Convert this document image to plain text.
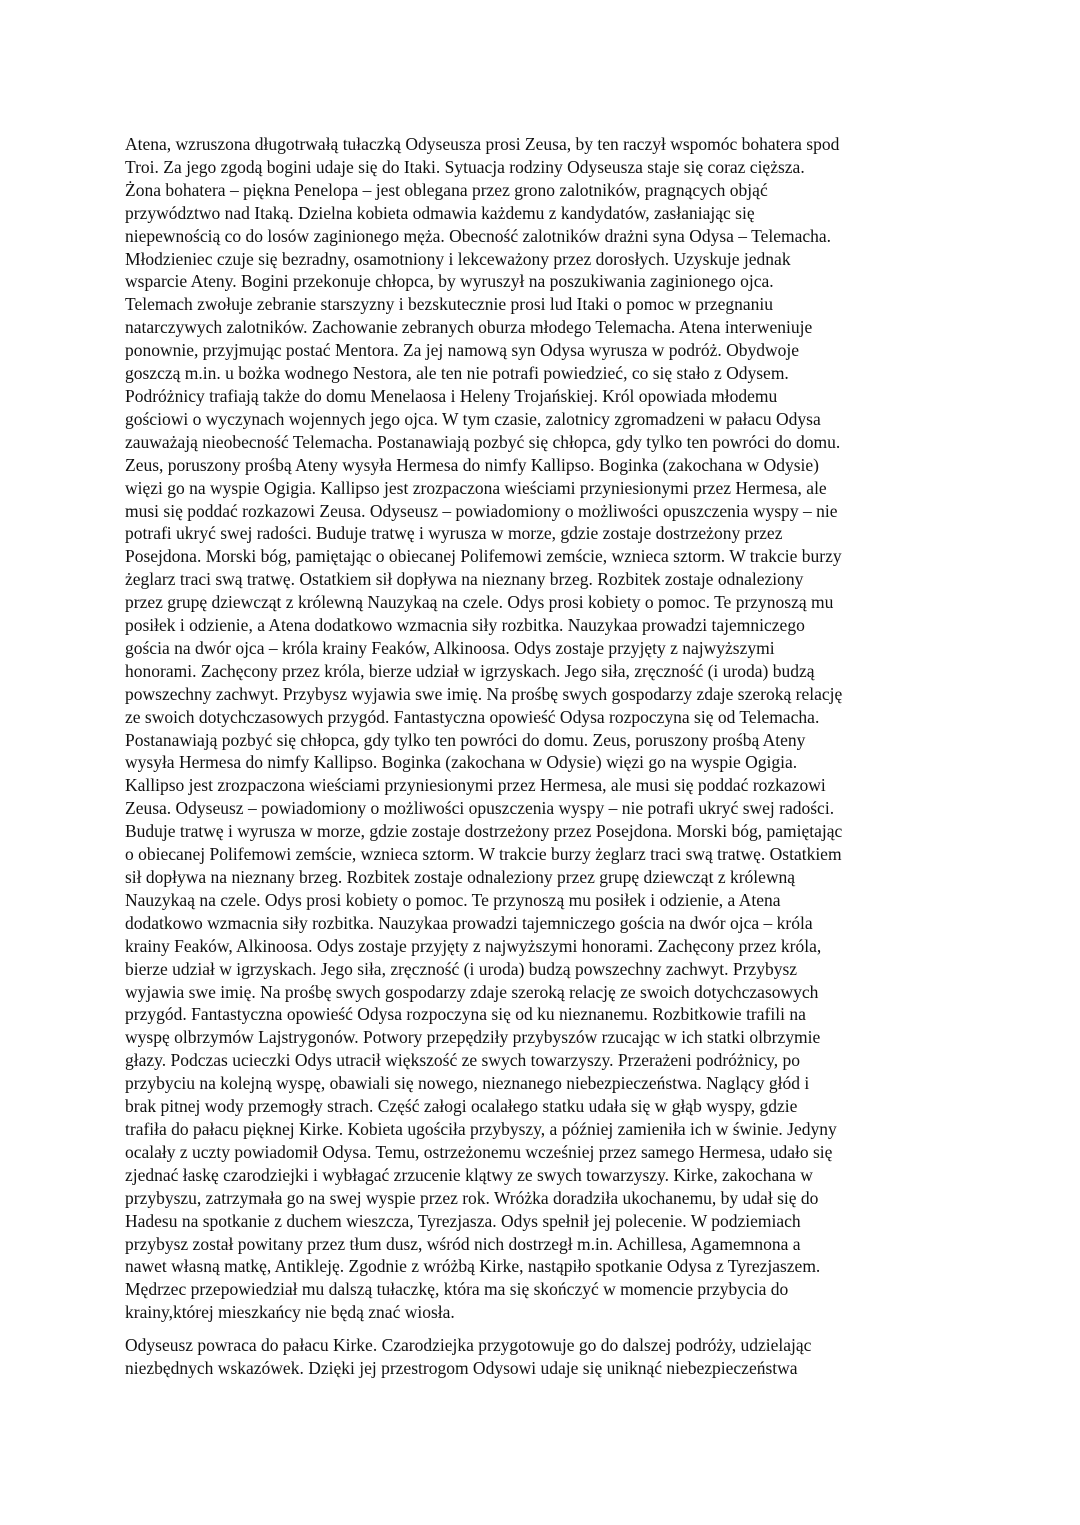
Atena, wzruszona długotrwałą tułaczką Odyseusza prosi Zeusa, by ten raczył wspomóc bohatera spod
Troi. Za jego zgodą bogini udaje się do Itaki. Sytuacja rodziny Odyseusza staje się coraz cięższa.
Żona bohatera – piękna Penelopa – jest oblegana przez grono zalotników, pragnących objąć
przywództwo nad Itaką. Dzielna kobieta odmawia każdemu z kandydatów, zasłaniając się
niepewnością co do losów zaginionego męża. Obecność zalotników drażni syna Odysa – Telemacha.
Młodzieniec czuje się bezradny, osamotniony i lekceważony przez dorosłych. Uzyskuje jednak
wsparcie Ateny. Bogini przekonuje chłopca, by wyruszył na poszukiwania zaginionego ojca.
Telemach zwołuje zebranie starszyzny i bezskutecznie prosi lud Itaki o pomoc w przegnaniu
natarczywych zalotników. Zachowanie zebranych oburza młodego Telemacha. Atena interweniuje
ponownie, przyjmując postać Mentora. Za jej namową syn Odysa wyrusza w podróż. Obydwoje
goszczą m.in. u bożka wodnego Nestora, ale ten nie potrafi powiedzieć, co się stało z Odysem.
Podróżnicy trafiają także do domu Menelaosa i Heleny Trojańskiej. Król opowiada młodemu
gościowi o wyczynach wojennych jego ojca. W tym czasie, zalotnicy zgromadzeni w pałacu Odysa
zauważają nieobecność Telemacha. Postanawiają pozbyć się chłopca, gdy tylko ten powróci do domu.
Zeus, poruszony prośbą Ateny wysyła Hermesa do nimfy Kallipso. Boginka (zakochana w Odysie)
więzi go na wyspie Ogigia. Kallipso jest zrozpaczona wieściami przyniesionymi przez Hermesa, ale
musi się poddać rozkazowi Zeusa. Odyseusz – powiadomiony o możliwości opuszczenia wyspy – nie
potrafi ukryć swej radości. Buduje tratwę i wyrusza w morze, gdzie zostaje dostrzeżony przez
Posejdona. Morski bóg, pamiętając o obiecanej Polifemowi zemście, wznieca sztorm. W trakcie burzy
żeglarz traci swą tratwę. Ostatkiem sił dopływa na nieznany brzeg. Rozbitek zostaje odnaleziony
przez grupę dziewcząt z królewną Nauzykaą na czele. Odys prosi kobiety o pomoc. Te przynoszą mu
posiłek i odzienie, a Atena dodatkowo wzmacnia siły rozbitka. Nauzykaa prowadzi tajemniczego
gościa na dwór ojca – króla krainy Feaków, Alkinoosa. Odys zostaje przyjęty z najwyższymi
honorami. Zachęcony przez króla, bierze udział w igrzyskach. Jego siła, zręczność (i uroda) budzą
powszechny zachwyt. Przybysz wyjawia swe imię. Na prośbę swych gospodarzy zdaje szeroką relację
ze swoich dotychczasowych przygód. Fantastyczna opowieść Odysa rozpoczyna się od Telemacha.
Postanawiają pozbyć się chłopca, gdy tylko ten powróci do domu. Zeus, poruszony prośbą Ateny
wysyła Hermesa do nimfy Kallipso. Boginka (zakochana w Odysie) więzi go na wyspie Ogigia.
Kallipso jest zrozpaczona wieściami przyniesionymi przez Hermesa, ale musi się poddać rozkazowi
Zeusa. Odyseusz – powiadomiony o możliwości opuszczenia wyspy – nie potrafi ukryć swej radości.
Buduje tratwę i wyrusza w morze, gdzie zostaje dostrzeżony przez Posejdona. Morski bóg, pamiętając
o obiecanej Polifemowi zemście, wznieca sztorm. W trakcie burzy żeglarz traci swą tratwę. Ostatkiem
sił dopływa na nieznany brzeg. Rozbitek zostaje odnaleziony przez grupę dziewcząt z królewną
Nauzykaą na czele. Odys prosi kobiety o pomoc. Te przynoszą mu posiłek i odzienie, a Atena
dodatkowo wzmacnia siły rozbitka. Nauzykaa prowadzi tajemniczego gościa na dwór ojca – króla
krainy Feaków, Alkinoosa. Odys zostaje przyjęty z najwyższymi honorami. Zachęcony przez króla,
bierze udział w igrzyskach. Jego siła, zręczność (i uroda) budzą powszechny zachwyt. Przybysz
wyjawia swe imię. Na prośbę swych gospodarzy zdaje szeroką relację ze swoich dotychczasowych
przygód. Fantastyczna opowieść Odysa rozpoczyna się od ku nieznanemu. Rozbitkowie trafili na
wyspę olbrzymów Lajstrygonów. Potwory przepędziły przybyszów rzucając w ich statki olbrzymie
głazy. Podczas ucieczki Odys utracił większość ze swych towarzyszy. Przerażeni podróżnicy, po
przybyciu na kolejną wyspę, obawiali się nowego, nieznanego niebezpieczeństwa. Naglący głód i
brak pitnej wody przemogły strach. Część załogi ocalałego statku udała się w głąb wyspy, gdzie
trafiła do pałacu pięknej Kirke. Kobieta ugościła przybyszy, a później zamieniła ich w świnie. Jedyny
ocalały z uczty powiadomił Odysa. Temu, ostrzeżonemu wcześniej przez samego Hermesa, udało się
zjednać łaskę czarodziejki i wybłagać zrzucenie klątwy ze swych towarzyszy. Kirke, zakochana w
przybyszu, zatrzymała go na swej wyspie przez rok. Wróżka doradziła ukochanemu, by udał się do
Hadesu na spotkanie z duchem wieszcza, Tyrezjasza. Odys spełnił jej polecenie. W podziemiach
przybysz został powitany przez tłum dusz, wśród nich dostrzegł m.in. Achillesa, Agamemnona a
nawet własną matkę, Antikleję. Zgodnie z wróżbą Kirke, nastąpiło spotkanie Odysa z Tyrezjaszem.
Mędrzec przepowiedział mu dalszą tułaczkę, która ma się skończyć w momencie przybycia do
krainy,której mieszkańcy nie będą znać wiosła.
Odyseusz powraca do pałacu Kirke. Czarodziejka przygotowuje go do dalszej podróży, udzielając
niezbędnych wskazówek. Dzięki jej przestrogom Odysowi udaje się uniknąć niebezpieczeństwa
